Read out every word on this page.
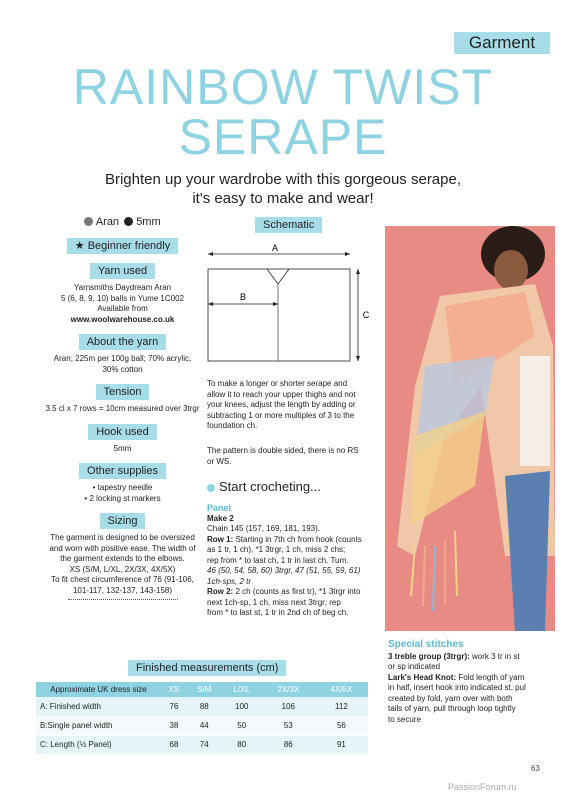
Garment
RAINBOW TWIST
SERAPE
Brighten up your wardrobe with this gorgeous serape,
it's easy to make and wear!
Aran 5mm
★ Beginner friendly
Yarn used

Yarnsmiths Daydream Aran
5 (6, 8, 9, 10) balls in Yume 1C002
Available from
www.woolwarehouse.co.uk

About the yarn

Aran; 225m per 100g ball; 70% acrylic,
30% cotton

Tension

3.5 cl x 7 rows = 10cm measured over 3trgr

Hook used

5mm

Other supplies

• tapestry needle
• 2 locking st markers

Sizing

The garment is designed to be oversized
and worn with positive ease. The width of
the garment extends to the elbows.
XS (S/M, L/XL, 2X/3X, 4X/5X)
To fit chest circumference of 76 (91-106,
101-117, 132-137, 143-158)

Schematic
A
B
C
To make a longer or shorter serape and
allow it to reach your upper thighs and not
your knees, adjust the length by adding or
subtracting 1 or more multiples of 3 to the
foundation ch.
The pattern is double sided, there is no RS
or WS.
Start crocheting...
Panel
Make 2
Chain 145 (157, 169, 181, 193).
Row 1: Starting in 7th ch from hook (counts
as 1 tr, 1 ch), *1 3trgr, 1 ch, miss 2 chs;
rep from * to last ch, 1 tr in last ch. Turn.
46 (50, 54, 58, 60) 3trgr, 47 (51, 55, 59, 61)
1ch-sps, 2 tr
Row 2: 2 ch (counts as first tr), *1 3trgr into
next 1ch-sp, 1 ch, miss next 3trgr; rep
from * to last st, 1 tr in 2nd ch of beg ch.
Special stitches
3 treble group (3trgr): work 3 tr in st
or sp indicated
Lark's Head Knot: Fold length of yarn
in half, insert hook into indicated st, pul
created by fold, yarn over with both
tails of yarn, pull through loop tightly
to secure
Finished measurements (cm)
Approximate UK dress size	XS	S/M	L/XL	2X/3X	4X/5X
A: Finished width	76	88	100	106	112
B:Single panel width	38	44	50	53	56
C: Length (½ Panel)	68	74	80	86	91
63
PassionForum.ru
